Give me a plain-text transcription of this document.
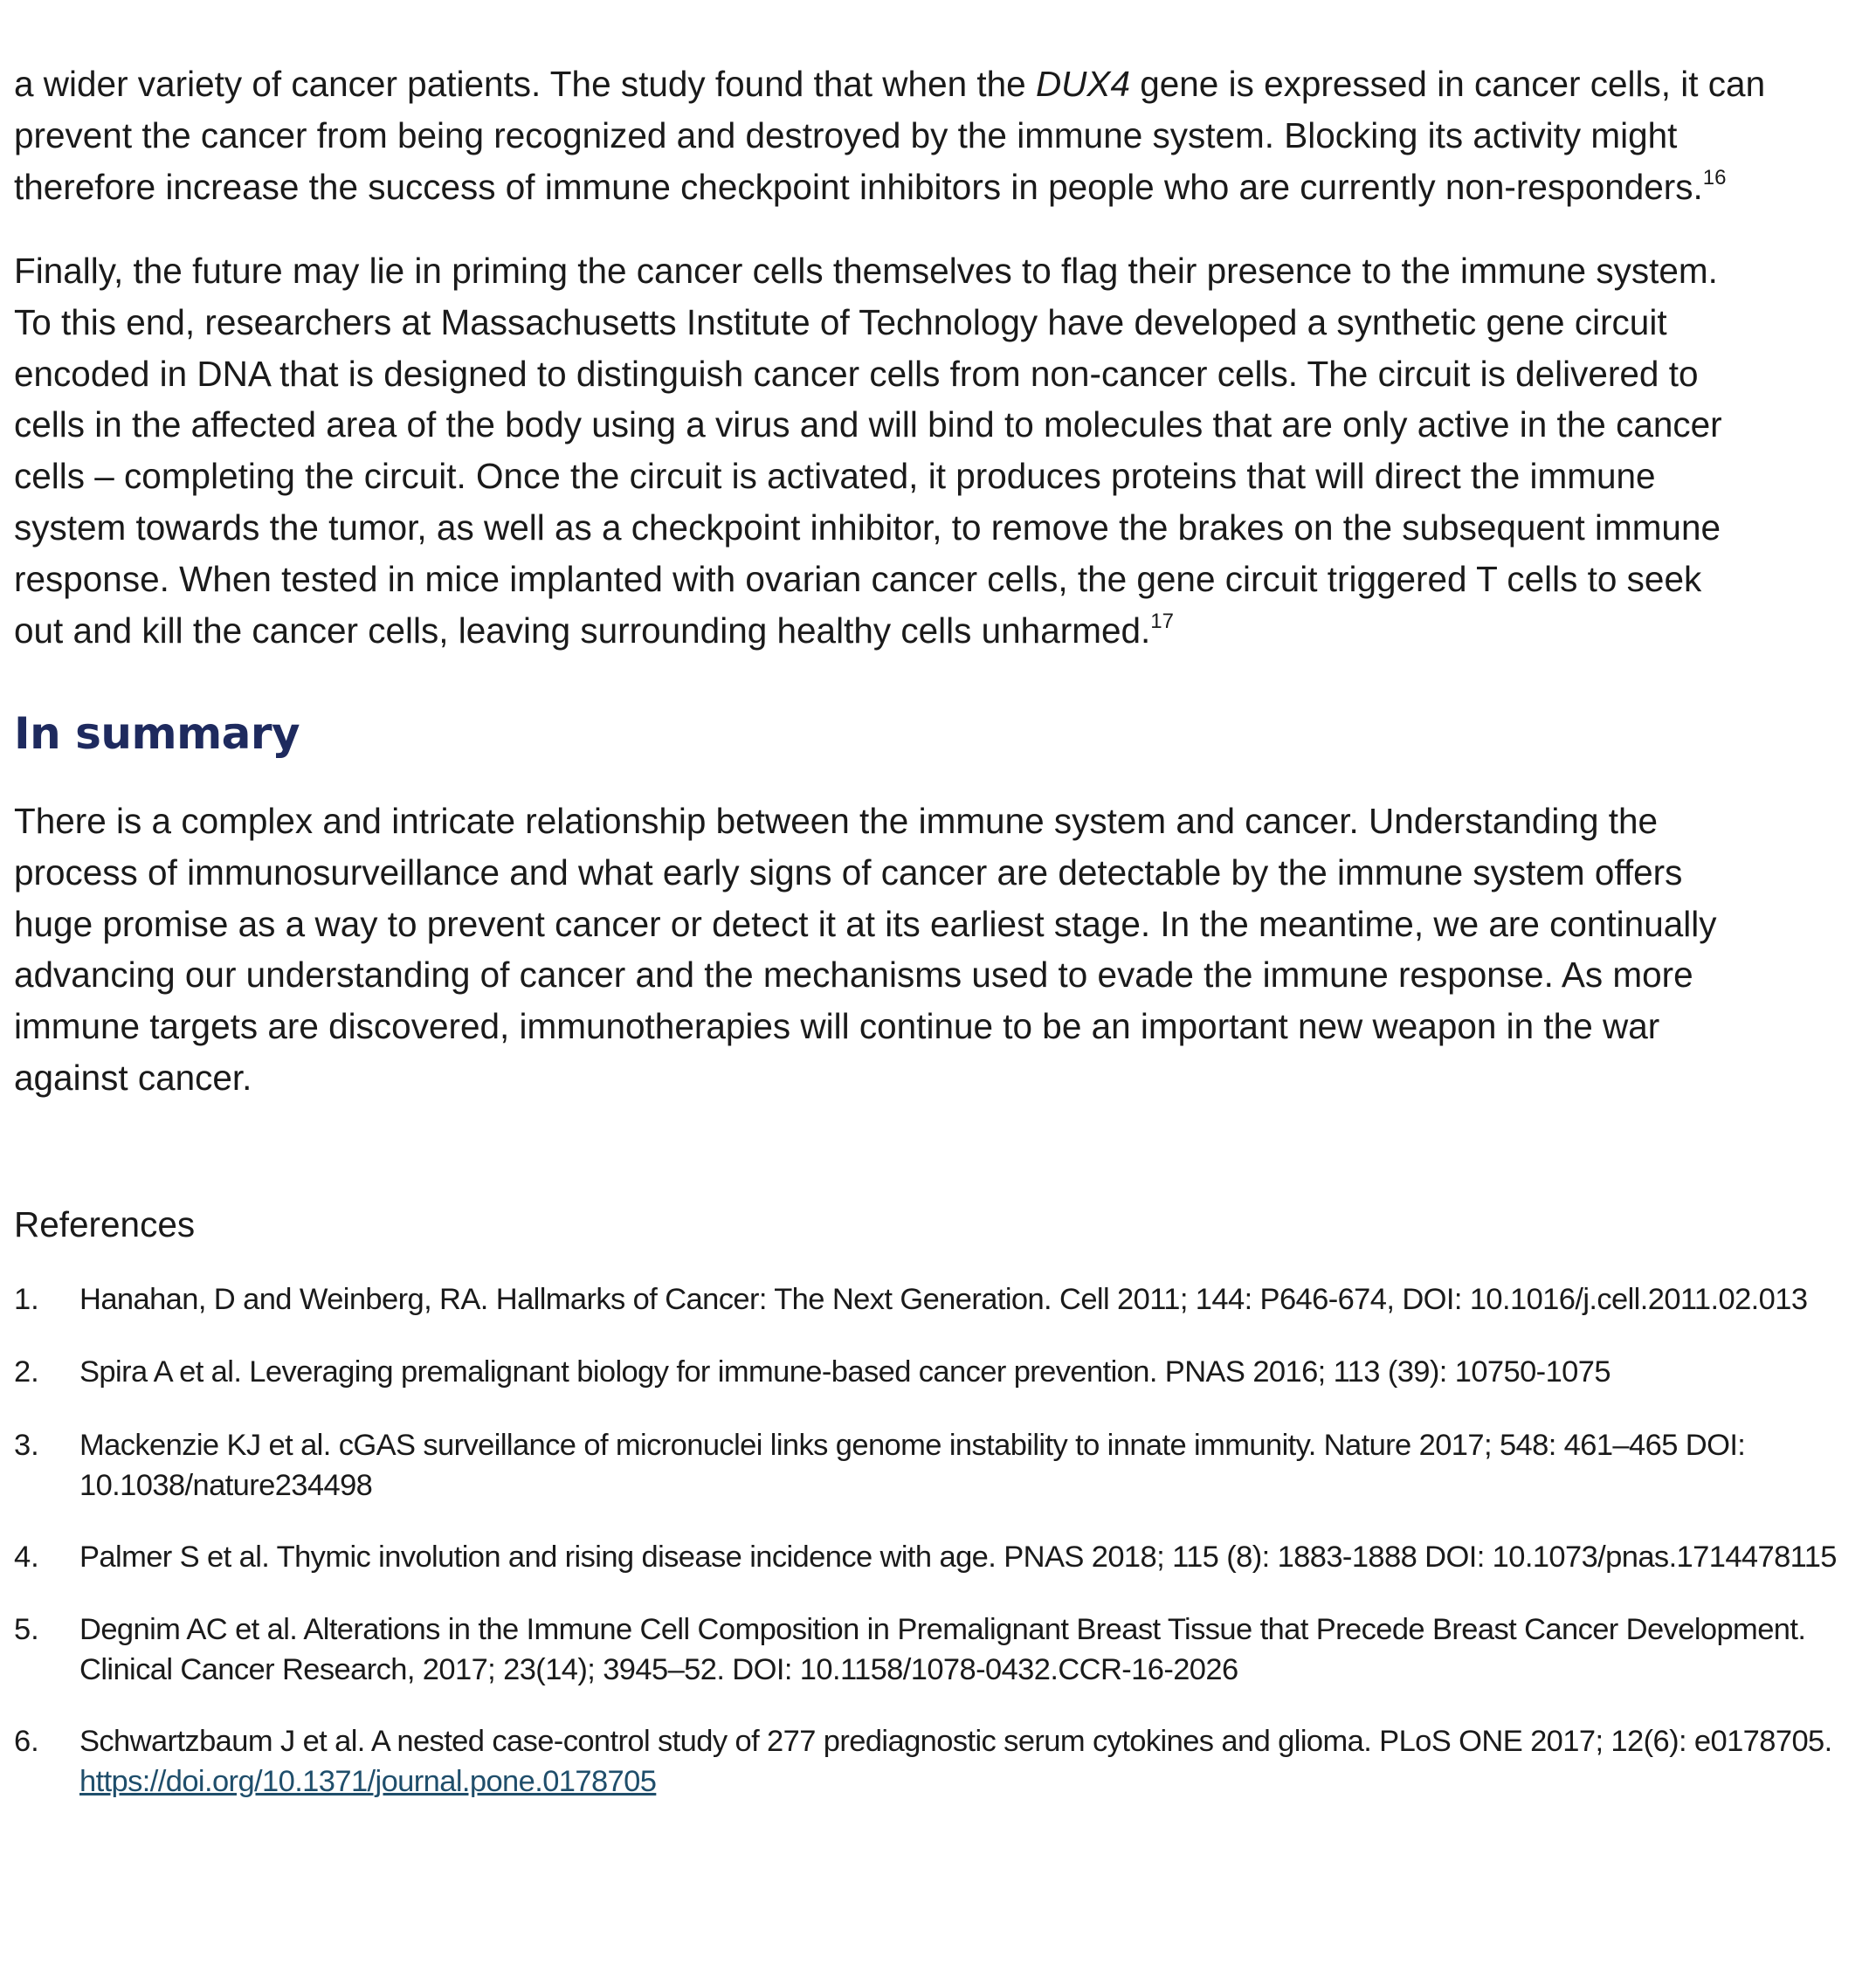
a wider variety of cancer patients. The study found that when the DUX4 gene is expressed in cancer cells, it can
prevent the cancer from being recognized and destroyed by the immune system. Blocking its activity might
therefore increase the success of immune checkpoint inhibitors in people who are currently non-responders.$^{16}$

Finally, the future may lie in priming the cancer cells themselves to flag their presence to the immune system.
To this end, researchers at Massachusetts Institute of Technology have developed a synthetic gene circuit
encoded in DNA that is designed to distinguish cancer cells from non-cancer cells. The circuit is delivered to
cells in the affected area of the body using a virus and will bind to molecules that are only active in the cancer
cells – completing the circuit. Once the circuit is activated, it produces proteins that will direct the immune
system towards the tumor, as well as a checkpoint inhibitor, to remove the brakes on the subsequent immune
response. When tested in mice implanted with ovarian cancer cells, the gene circuit triggered T cells to seek
out and kill the cancer cells, leaving surrounding healthy cells unharmed.$^{17}$

In summary

There is a complex and intricate relationship between the immune system and cancer. Understanding the
process of immunosurveillance and what early signs of cancer are detectable by the immune system offers
huge promise as a way to prevent cancer or detect it at its earliest stage. In the meantime, we are continually
advancing our understanding of cancer and the mechanisms used to evade the immune response. As more
immune targets are discovered, immunotherapies will continue to be an important new weapon in the war
against cancer.

References
1. Hanahan, D and Weinberg, RA. Hallmarks of Cancer: The Next Generation. Cell 2011; 144: P646-674, DOI: 10.1016/j.cell.2011.02.013
2. Spira A et al. Leveraging premalignant biology for immune-based cancer prevention. PNAS 2016; 113 (39): 10750-1075
3. Mackenzie KJ et al. cGAS surveillance of micronuclei links genome instability to innate immunity. Nature 2017; 548: 461–465 DOI:
10.1038/nature234498
4. Palmer S et al. Thymic involution and rising disease incidence with age. PNAS 2018; 115 (8): 1883-1888 DOI: 10.1073/pnas.1714478115
5. Degnim AC et al. Alterations in the Immune Cell Composition in Premalignant Breast Tissue that Precede Breast Cancer Development.
Clinical Cancer Research, 2017; 23(14); 3945–52. DOI: 10.1158/1078-0432.CCR-16-2026
6. Schwartzbaum J et al. A nested case-control study of 277 prediagnostic serum cytokines and glioma. PLoS ONE 2017; 12(6): e0178705.
https://doi.org/10.1371/journal.pone.0178705
